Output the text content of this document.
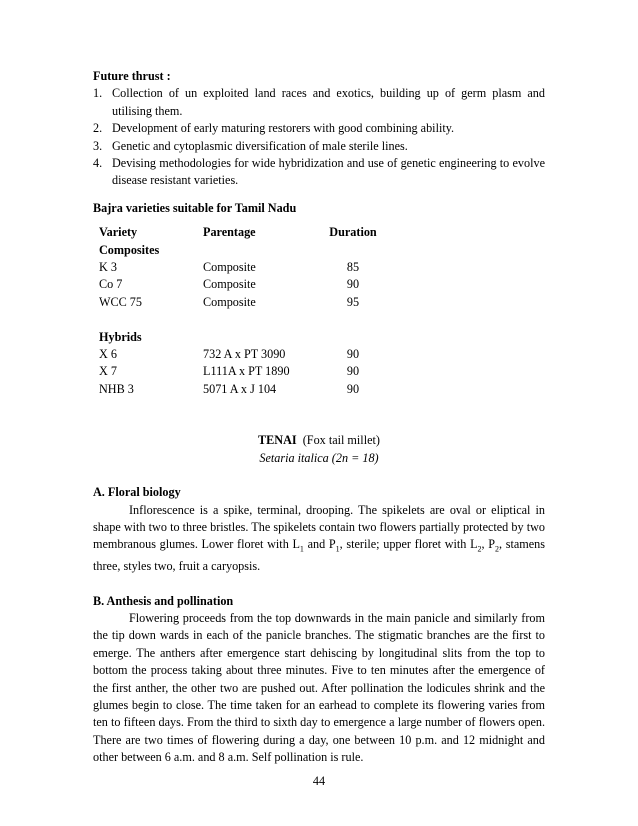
Future thrust :
1. Collection of un exploited land races and exotics, building up of germ plasm and utilising them.
2. Development of early maturing restorers with good combining ability.
3. Genetic and cytoplasmic diversification of male sterile lines.
4. Devising methodologies for wide hybridization and use of genetic engineering to evolve disease resistant varieties.
Bajra varieties suitable for Tamil Nadu
Variety	Parentage	Duration
Composites		
K 3	Composite	85
Co 7	Composite	90
WCC 75	Composite	95

Hybrids		
X 6	732 A x PT 3090	90
X 7	L111A x PT 1890	90
NHB 3	5071 A x J 104	90
TENAI (Fox tail millet)
Setaria italica (2n = 18)
A. Floral biology
Inflorescence is a spike, terminal, drooping. The spikelets are oval or eliptical in shape with two to three bristles. The spikelets contain two flowers partially protected by two membranous glumes. Lower floret with $L_1$ and $P_1$, sterile; upper floret with $L_2$, $P_2$, stamens three, styles two, fruit a caryopsis.
B. Anthesis and pollination
Flowering proceeds from the top downwards in the main panicle and similarly from the tip down wards in each of the panicle branches. The stigmatic branches are the first to emerge. The anthers after emergence start dehiscing by longitudinal slits from the top to bottom the process taking about three minutes. Five to ten minutes after the emergence of the first anther, the other two are pushed out. After pollination the lodicules shrink and the glumes begin to close. The time taken for an earhead to complete its flowering varies from ten to fifteen days. From the third to sixth day to emergence a large number of flowers open. There are two times of flowering during a day, one between 10 p.m. and 12 midnight and other between 6 a.m. and 8 a.m. Self pollination is rule.
44
